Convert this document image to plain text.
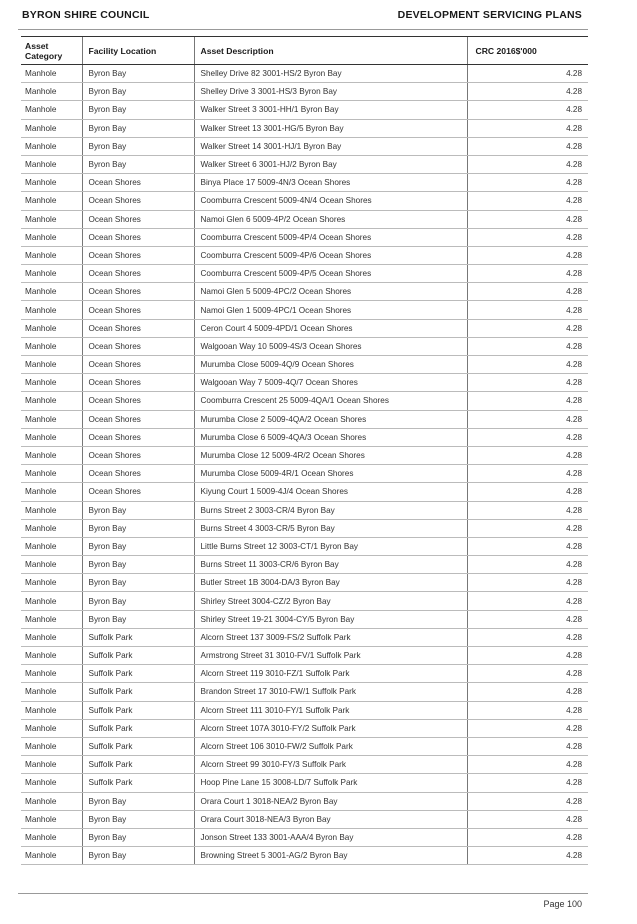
BYRON SHIRE COUNCIL	DEVELOPMENT SERVICING PLANS
Asset Category	Facility Location	Asset Description	CRC 2016$'000
Manhole	Byron Bay	Shelley Drive 82 3001-HS/2 Byron Bay	4.28
Manhole	Byron Bay	Shelley Drive 3 3001-HS/3 Byron Bay	4.28
Manhole	Byron Bay	Walker Street 3 3001-HH/1 Byron Bay	4.28
Manhole	Byron Bay	Walker Street 13 3001-HG/5 Byron Bay	4.28
Manhole	Byron Bay	Walker Street 14 3001-HJ/1 Byron Bay	4.28
Manhole	Byron Bay	Walker Street 6 3001-HJ/2 Byron Bay	4.28
Manhole	Ocean Shores	Binya Place 17 5009-4N/3 Ocean Shores	4.28
Manhole	Ocean Shores	Coomburra Crescent 5009-4N/4 Ocean Shores	4.28
Manhole	Ocean Shores	Namoi Glen 6 5009-4P/2 Ocean Shores	4.28
Manhole	Ocean Shores	Coomburra Crescent 5009-4P/4 Ocean Shores	4.28
Manhole	Ocean Shores	Coomburra Crescent 5009-4P/6 Ocean Shores	4.28
Manhole	Ocean Shores	Coomburra Crescent 5009-4P/5 Ocean Shores	4.28
Manhole	Ocean Shores	Namoi Glen 5 5009-4PC/2 Ocean Shores	4.28
Manhole	Ocean Shores	Namoi Glen 1 5009-4PC/1 Ocean Shores	4.28
Manhole	Ocean Shores	Ceron Court 4 5009-4PD/1 Ocean Shores	4.28
Manhole	Ocean Shores	Walgooan Way 10 5009-4S/3 Ocean Shores	4.28
Manhole	Ocean Shores	Murumba Close 5009-4Q/9 Ocean Shores	4.28
Manhole	Ocean Shores	Walgooan Way 7 5009-4Q/7 Ocean Shores	4.28
Manhole	Ocean Shores	Coomburra Crescent 25 5009-4QA/1 Ocean Shores	4.28
Manhole	Ocean Shores	Murumba Close 2 5009-4QA/2 Ocean Shores	4.28
Manhole	Ocean Shores	Murumba Close 6 5009-4QA/3 Ocean Shores	4.28
Manhole	Ocean Shores	Murumba Close 12 5009-4R/2 Ocean Shores	4.28
Manhole	Ocean Shores	Murumba Close 5009-4R/1 Ocean Shores	4.28
Manhole	Ocean Shores	Kiyung Court 1 5009-4J/4 Ocean Shores	4.28
Manhole	Byron Bay	Burns Street 2 3003-CR/4 Byron Bay	4.28
Manhole	Byron Bay	Burns Street 4 3003-CR/5 Byron Bay	4.28
Manhole	Byron Bay	Little Burns Street 12 3003-CT/1 Byron Bay	4.28
Manhole	Byron Bay	Burns Street 11 3003-CR/6 Byron Bay	4.28
Manhole	Byron Bay	Butler Street 1B 3004-DA/3 Byron Bay	4.28
Manhole	Byron Bay	Shirley Street 3004-CZ/2 Byron Bay	4.28
Manhole	Byron Bay	Shirley Street 19-21 3004-CY/5 Byron Bay	4.28
Manhole	Suffolk Park	Alcorn Street 137 3009-FS/2 Suffolk Park	4.28
Manhole	Suffolk Park	Armstrong Street 31 3010-FV/1 Suffolk Park	4.28
Manhole	Suffolk Park	Alcorn Street 119 3010-FZ/1 Suffolk Park	4.28
Manhole	Suffolk Park	Brandon Street 17 3010-FW/1 Suffolk Park	4.28
Manhole	Suffolk Park	Alcorn Street 111 3010-FY/1 Suffolk Park	4.28
Manhole	Suffolk Park	Alcorn Street 107A 3010-FY/2 Suffolk Park	4.28
Manhole	Suffolk Park	Alcorn Street 106 3010-FW/2 Suffolk Park	4.28
Manhole	Suffolk Park	Alcorn Street 99 3010-FY/3 Suffolk Park	4.28
Manhole	Suffolk Park	Hoop Pine Lane 15 3008-LD/7 Suffolk Park	4.28
Manhole	Byron Bay	Orara Court 1 3018-NEA/2 Byron Bay	4.28
Manhole	Byron Bay	Orara Court 3018-NEA/3 Byron Bay	4.28
Manhole	Byron Bay	Jonson Street 133 3001-AAA/4 Byron Bay	4.28
Manhole	Byron Bay	Browning Street 5 3001-AG/2 Byron Bay	4.28
Page 100
